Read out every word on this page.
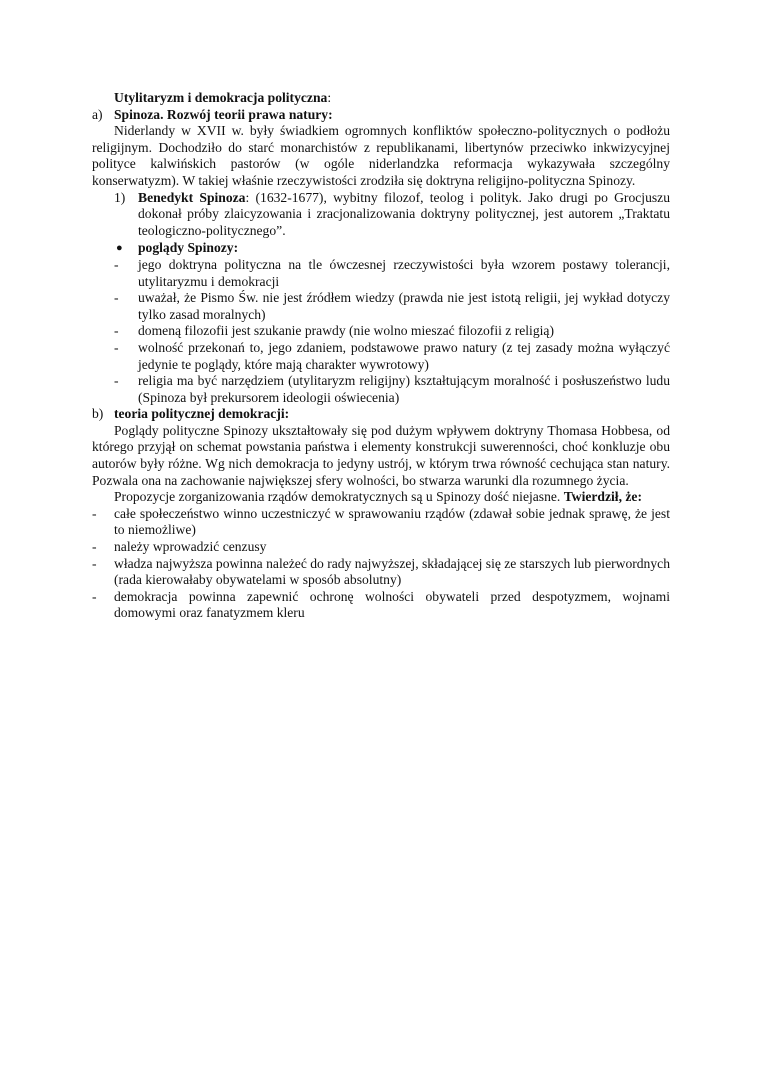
Utylitaryzm i demokracja polityczna:
a) Spinoza. Rozwój teorii prawa natury:

Niderlandy w XVII w. były świadkiem ogromnych konfliktów społeczno-politycznych o podłożu religijnym. Dochodziło do starć monarchistów z republikanami, libertynów przeciwko inkwizycyjnej polityce kalwińskich pastorów (w ogóle niderlandzka reformacja wykazywała szczególny konserwatyzm). W takiej właśnie rzeczywistości zrodziła się doktryna religijno-polityczna Spinozy.

1) Benedykt Spinoza: (1632-1677), wybitny filozof, teolog i polityk. Jako drugi po Grocjuszu dokonał próby zlaicyzowania i zracjonalizowania doktryny politycznej, jest autorem „Traktatu teologiczno-politycznego”.
● poglądy Spinozy:
- jego doktryna polityczna na tle ówczesnej rzeczywistości była wzorem postawy tolerancji, utylitaryzmu i demokracji
- uważał, że Pismo Św. nie jest źródłem wiedzy (prawda nie jest istotą religii, jej wykład dotyczy tylko zasad moralnych)
- domeną filozofii jest szukanie prawdy (nie wolno mieszać filozofii z religią)
- wolność przekonań to, jego zdaniem, podstawowe prawo natury (z tej zasady można wyłączyć jedynie te poglądy, które mają charakter wywrotowy)
- religia ma być narzędziem (utylitaryzm religijny) kształtującym moralność i posłuszeństwo ludu (Spinoza był prekursorem ideologii oświecenia)
b) teoria politycznej demokracji:

Poglądy polityczne Spinozy ukształtowały się pod dużym wpływem doktryny Thomasa Hobbesa, od którego przyjął on schemat powstania państwa i elementy konstrukcji suwerenności, choć konkluzje obu autorów były różne. Wg nich demokracja to jedyny ustrój, w którym trwa równość cechująca stan natury. Pozwala ona na zachowanie największej sfery wolności, bo stwarza warunki dla rozumnego życia.

Propozycje zorganizowania rządów demokratycznych są u Spinozy dość niejasne. Twierdził, że:

- całe społeczeństwo winno uczestniczyć w sprawowaniu rządów (zdawał sobie jednak sprawę, że jest to niemożliwe)
- należy wprowadzić cenzusy
- władza najwyższa powinna należeć do rady najwyższej, składającej się ze starszych lub pierwordnych (rada kierowałaby obywatelami w sposób absolutny)
- demokracja powinna zapewnić ochronę wolności obywateli przed despotyzmem, wojnami domowymi oraz fanatyzmem kleru
